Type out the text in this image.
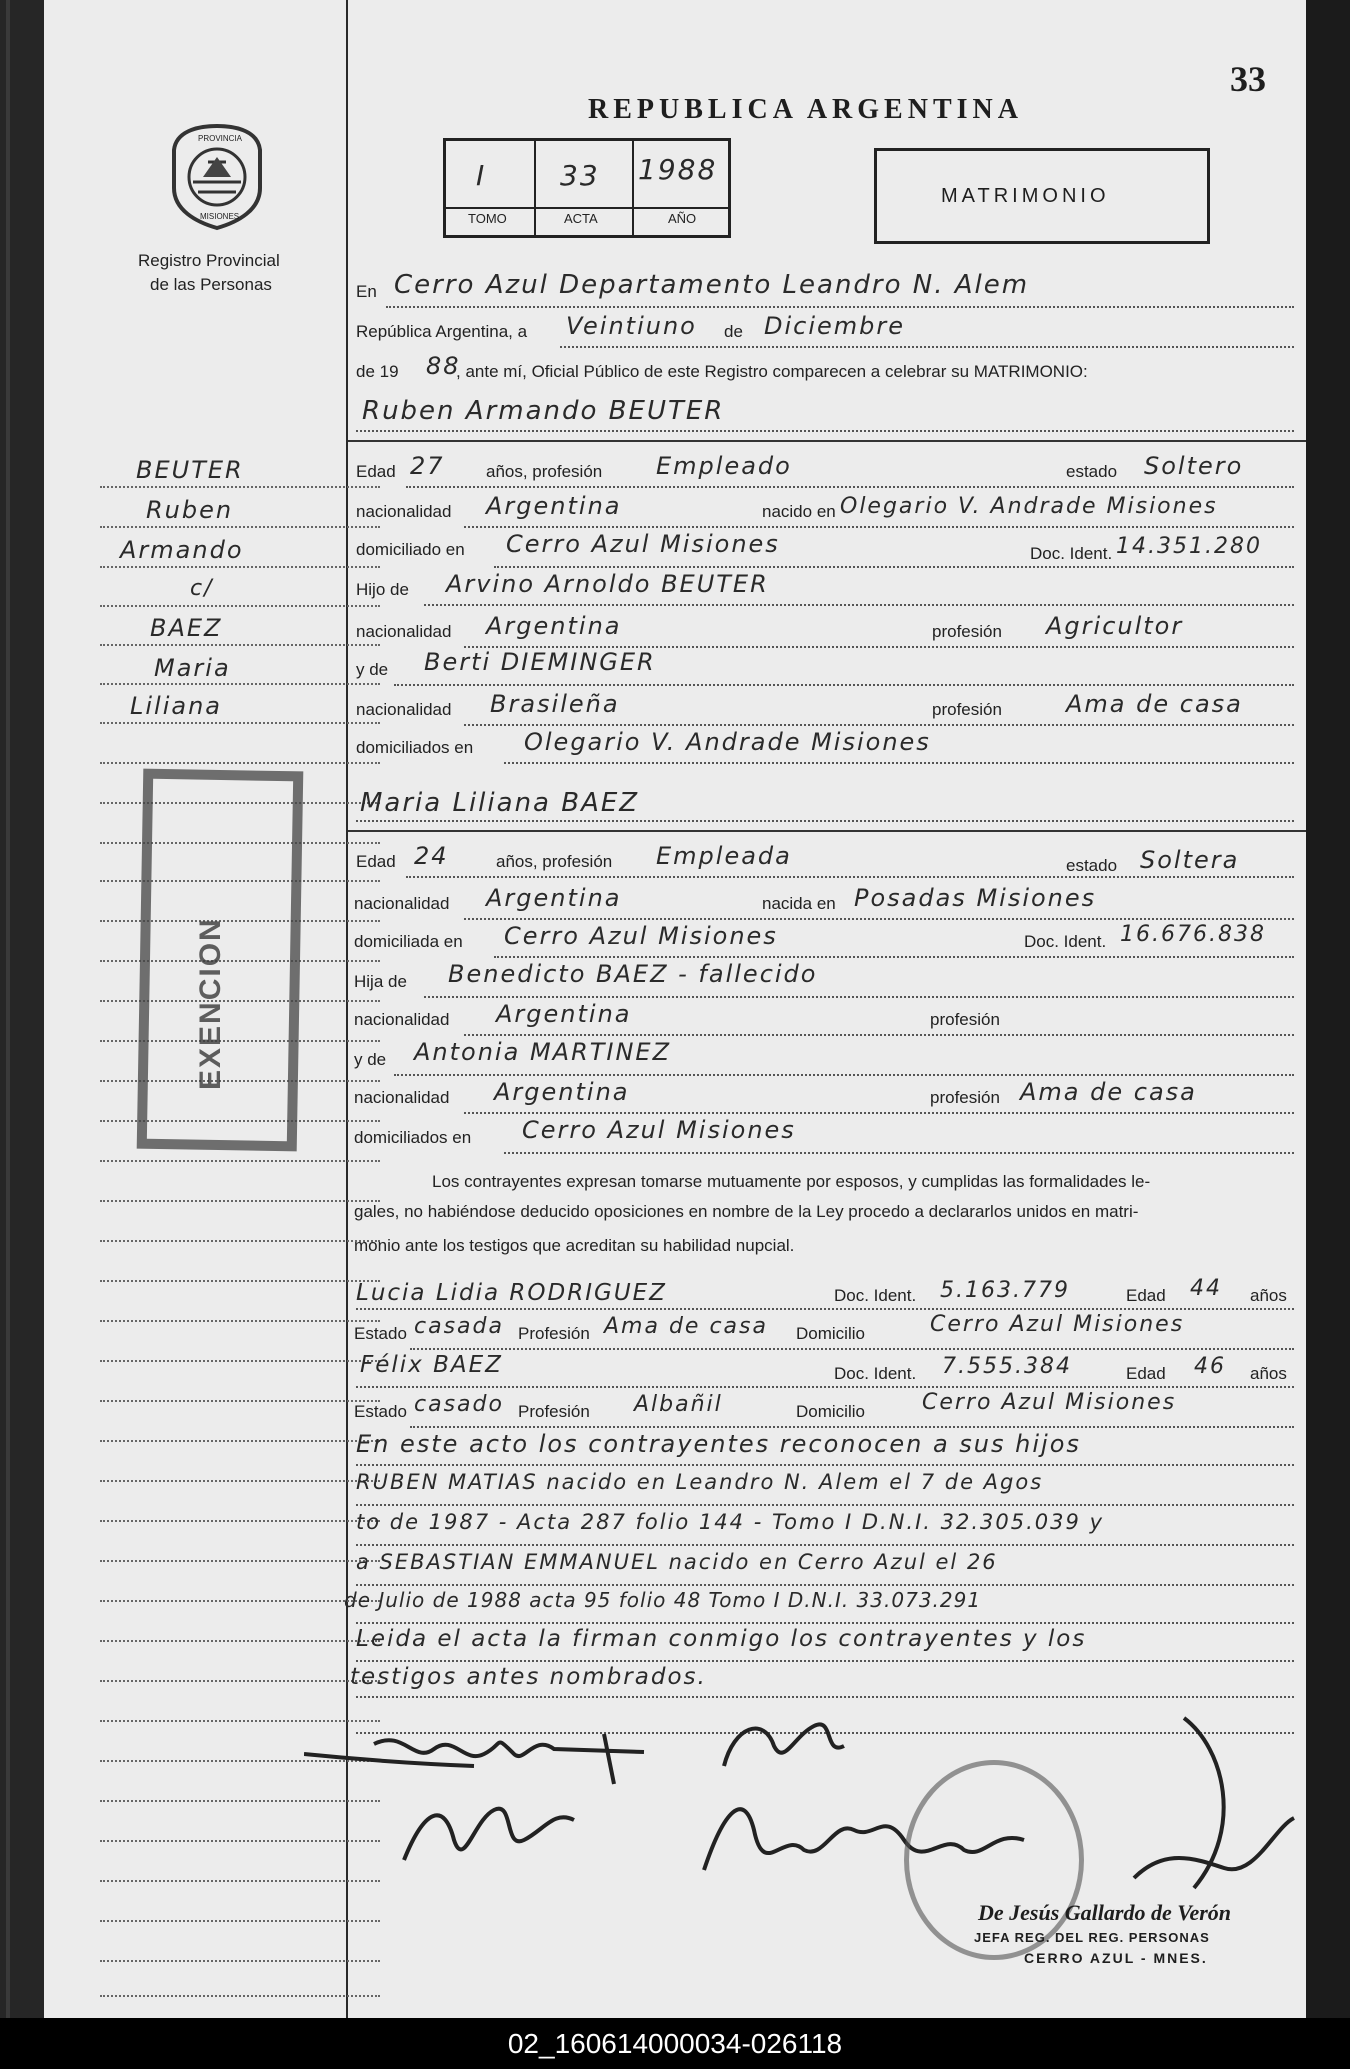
PROVINCIA
MISIONES
Registro Provincial
de las Personas
REPUBLICA ARGENTINA
33
I	33 1988
TOMO	ACTA	AÑO
MATRIMONIO
BEUTER
Ruben
Armando
c/
BAEZ
Maria
Liliana
EXENCION
En Cerro Azul Departamento Leandro N. Alem
República Argentina, a Veintiuno de Diciembre
de 19 88
, ante mí, Oficial Público de este Registro comparecen a celebrar su MATRIMONIO:
Ruben Armando BEUTER
Edad 27 años, profesión Empleado	estado Soltero
nacionalidad Argentina	nacido en Olegario V. Andrade Misiones
domiciliado en Cerro Azul Misiones	Doc. Ident. 14.351.280
Hijo de Arvino Arnoldo BEUTER
nacionalidad Argentina	profesión Agricultor
y de Berti DIEMINGER
nacionalidad Brasileña	profesión	Ama de casa
domiciliados en Olegario V. Andrade Misiones
Maria Liliana BAEZ
Edad 24	años, profesión Empleada	estado Soltera
nacionalidad Argentina	nacida en Posadas Misiones
domiciliada en Cerro Azul Misiones	Doc. Ident. 16.676.838
Hija de Benedicto BAEZ - fallecido
nacionalidad Argentina	profesión
y de Antonia MARTINEZ
nacionalidad Argentina	profesión Ama de casa
domiciliados en Cerro Azul Misiones
Los contrayentes expresan tomarse mutuamente por esposos, y cumplidas las formalidades le-
gales, no habiéndose deducido oposiciones en nombre de la Ley procedo a declararlos unidos en matri-
monio ante los testigos que acreditan su habilidad nupcial.
Lucia Lidia RODRIGUEZ	Doc. Ident. 5.163.779	Edad 44 años
Estado casada Profesión Ama de casa Domicilio	Cerro Azul Misiones
Félix BAEZ	Doc. Ident. 7.555.384	Edad 46 años
Estado casado Profesión Albañil	Domicilio	Cerro Azul Misiones
En este acto los contrayentes reconocen a sus hijos
RUBEN MATIAS nacido en Leandro N. Alem el 7 de Agos
to de 1987 - Acta 287 folio 144 - Tomo I D.N.I. 32.305.039 y
a SEBASTIAN EMMANUEL nacido en Cerro Azul el 26
de Julio de 1988 acta 95 folio 48 Tomo I D.N.I. 33.073.291
Leida el acta la firman conmigo los contrayentes y los
testigos antes nombrados.
De Jesús Gallardo de Verón
JEFA REG. DEL REG. PERSONAS
CERRO AZUL - MNES.
02_160614000034-026118
